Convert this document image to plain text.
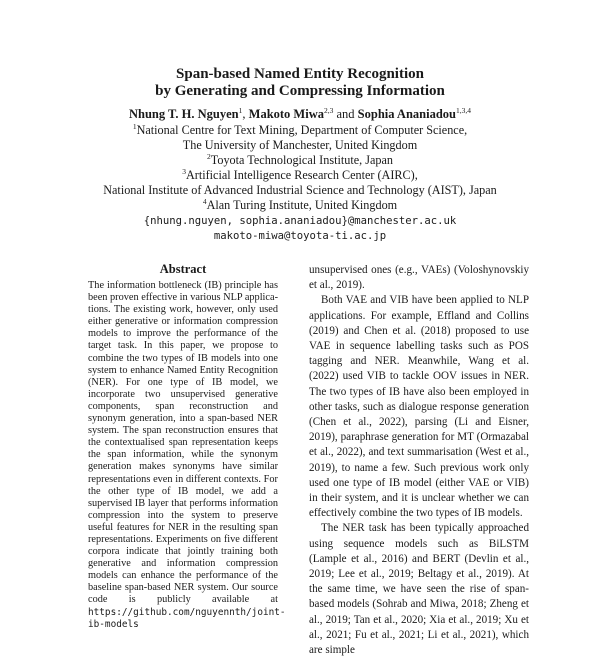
Span-based Named Entity Recognition
by Generating and Compressing Information
Nhung T. H. Nguyen$^1$, Makoto Miwa$^{2,3}$ and Sophia Ananiadou$^{1,3,4}$
$^1$National Centre for Text Mining, Department of Computer Science,
The University of Manchester, United Kingdom
$^2$Toyota Technological Institute, Japan
$^3$Artificial Intelligence Research Center (AIRC),
National Institute of Advanced Industrial Science and Technology (AIST), Japan
$^4$Alan Turing Institute, United Kingdom
{nhung.nguyen, sophia.ananiadou}@manchester.ac.uk
makoto-miwa@toyota-ti.ac.jp
Abstract

The information bottleneck (IB) principle has been proven effective in various NLP applications. The existing work, however, only used either generative or information compression models to improve the performance of the target task. In this paper, we propose to combine the two types of IB models into one system to enhance Named Entity Recognition (NER). For one type of IB model, we incorporate two unsupervised generative components, span reconstruction and synonym generation, into a span-based NER system. The span reconstruction ensures that the contextualised span representation keeps the span information, while the synonym generation makes synonyms have similar representations even in different contexts. For the other type of IB model, we add a supervised IB layer that performs information compression into the system to preserve useful features for NER in the resulting span representations. Experiments on five different corpora indicate that jointly training both generative and information compression models can enhance the performance of the baseline span-based NER system. Our source code is publicly available at https://github.com/nguyennth/joint-ib-models

unsupervised ones (e.g., VAEs) (Voloshynovskiy et al., 2019).

Both VAE and VIB have been applied to NLP applications. For example, Effland and Collins (2019) and Chen et al. (2018) proposed to use VAE in sequence labelling tasks such as POS tagging and NER. Meanwhile, Wang et al. (2022) used VIB to tackle OOV issues in NER. The two types of IB have also been employed in other tasks, such as dialogue response generation (Chen et al., 2022), parsing (Li and Eisner, 2019), paraphrase generation for MT (Ormazabal et al., 2022), and text summarisation (West et al., 2019), to name a few. Such previous work only used one type of IB model (either VAE or VIB) in their system, and it is unclear whether we can effectively combine the two types of IB models.

The NER task has been typically approached using sequence models such as BiLSTM (Lample et al., 2016) and BERT (Devlin et al., 2019; Lee et al., 2019; Beltagy et al., 2019). At the same time, we have seen the rise of span-based models (Sohrab and Miwa, 2018; Zheng et al., 2019; Tan et al., 2020; Xia et al., 2019; Xu et al., 2021; Fu et al., 2021; Li et al., 2021), which are simple
